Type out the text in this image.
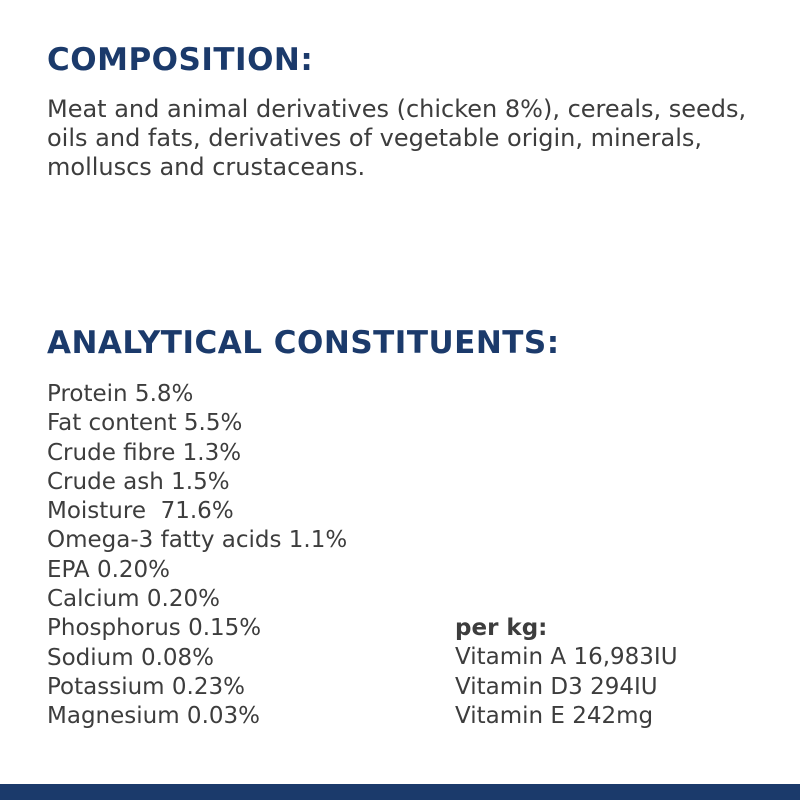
COMPOSITION:

Meat and animal derivatives (chicken 8%), cereals, seeds, oils and fats, derivatives of vegetable origin, minerals, molluscs and crustaceans.

ANALYTICAL CONSTITUENTS:
Protein 5.8%
Fat content 5.5%
Crude fibre 1.3%
Crude ash 1.5%
Moisture  71.6%
Omega-3 fatty acids 1.1%
EPA 0.20%
Calcium 0.20%
Phosphorus 0.15%
Sodium 0.08%
Potassium 0.23%
Magnesium 0.03%
per kg:
Vitamin A 16,983IU
Vitamin D3 294IU
Vitamin E 242mg
